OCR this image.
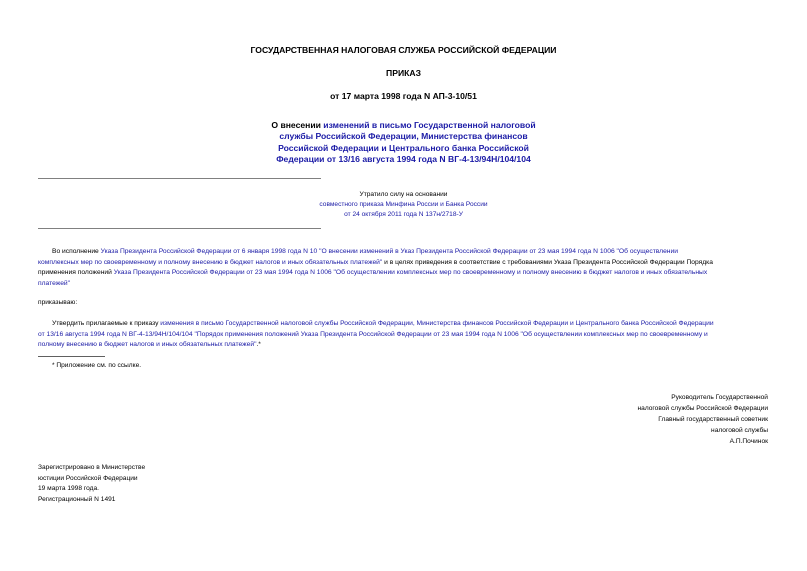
ГОСУДАРСТВЕННАЯ НАЛОГОВАЯ СЛУЖБА РОССИЙСКОЙ ФЕДЕРАЦИИ
ПРИКАЗ
от 17 марта 1998 года N АП-3-10/51
О внесении изменений в письмо Государственной налоговой
службы Российской Федерации, Министерства финансов
Российской Федерации и Центрального банка Российской
Федерации от 13/16 августа 1994 года N ВГ-4-13/94Н/104/104
Утратило силу на основании
совместного приказа Минфина России и Банка России
от 24 октября 2011 года N 137н/2718-У
Во исполнение Указа Президента Российской Федерации от 6 января 1998 года N 10 "О внесении изменений в Указ Президента Российской Федерации от 23 мая 1994 года N 1006 "Об осуществлении
комплексных мер по своевременному и полному внесению в бюджет налогов и иных обязательных платежей" и в целях приведения в соответствие с требованиями Указа Президента Российской Федерации Порядка
применения положений Указа Президента Российской Федерации от 23 мая 1994 года N 1006 "Об осуществлении комплексных мер по своевременному и полному внесению в бюджет налогов и иных обязательных
платежей"
приказываю:
Утвердить прилагаемые к приказу изменения в письмо Государственной налоговой службы Российской Федерации, Министерства финансов Российской Федерации и Центрального банка Российской Федерации
от 13/16 августа 1994 года N ВГ-4-13/94Н/104/104 "Порядок применения положений Указа Президента Российской Федерации от 23 мая 1994 года N 1006 "Об осуществлении комплексных мер по своевременному и
полному внесению в бюджет налогов и иных обязательных платежей".*
* Приложение см. по ссылке.
Руководитель Государственной
налоговой службы Российской Федерации
Главный государственный советник
налоговой службы
А.П.Починок
Зарегистрировано в Министерстве
юстиции Российской Федерации
19 марта 1998 года.
Регистрационный N 1491
